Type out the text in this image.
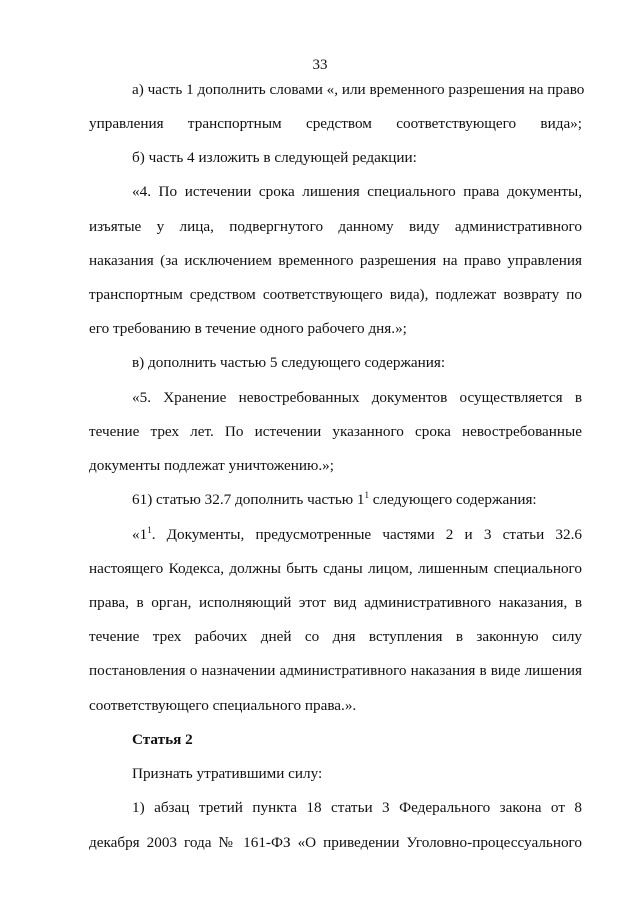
33
а) часть 1 дополнить словами «, или временного разрешения на право
управления транспортным средством соответствующего вида»;
б) часть 4 изложить в следующей редакции:
«4. По истечении срока лишения специального права документы,
изъятые у лица, подвергнутого данному виду административного
наказания (за исключением временного разрешения на право управления
транспортным средством соответствующего вида), подлежат возврату по
его требованию в течение одного рабочего дня.»;
в) дополнить частью 5 следующего содержания:
«5. Хранение невостребованных документов осуществляется в
течение трех лет. По истечении указанного срока невостребованные
документы подлежат уничтожению.»;
61) статью 32.7 дополнить частью $1^1$ следующего содержания:
«$1^1$. Документы, предусмотренные частями 2 и 3 статьи 32.6
настоящего Кодекса, должны быть сданы лицом, лишенным специального
права, в орган, исполняющий этот вид административного наказания, в
течение трех рабочих дней со дня вступления в законную силу
постановления о назначении административного наказания в виде лишения
соответствующего специального права.».
Статья 2
Признать утратившими силу:
1) абзац третий пункта 18 статьи 3 Федерального закона от 8
декабря 2003 года № 161-ФЗ «О приведении Уголовно-процессуального
